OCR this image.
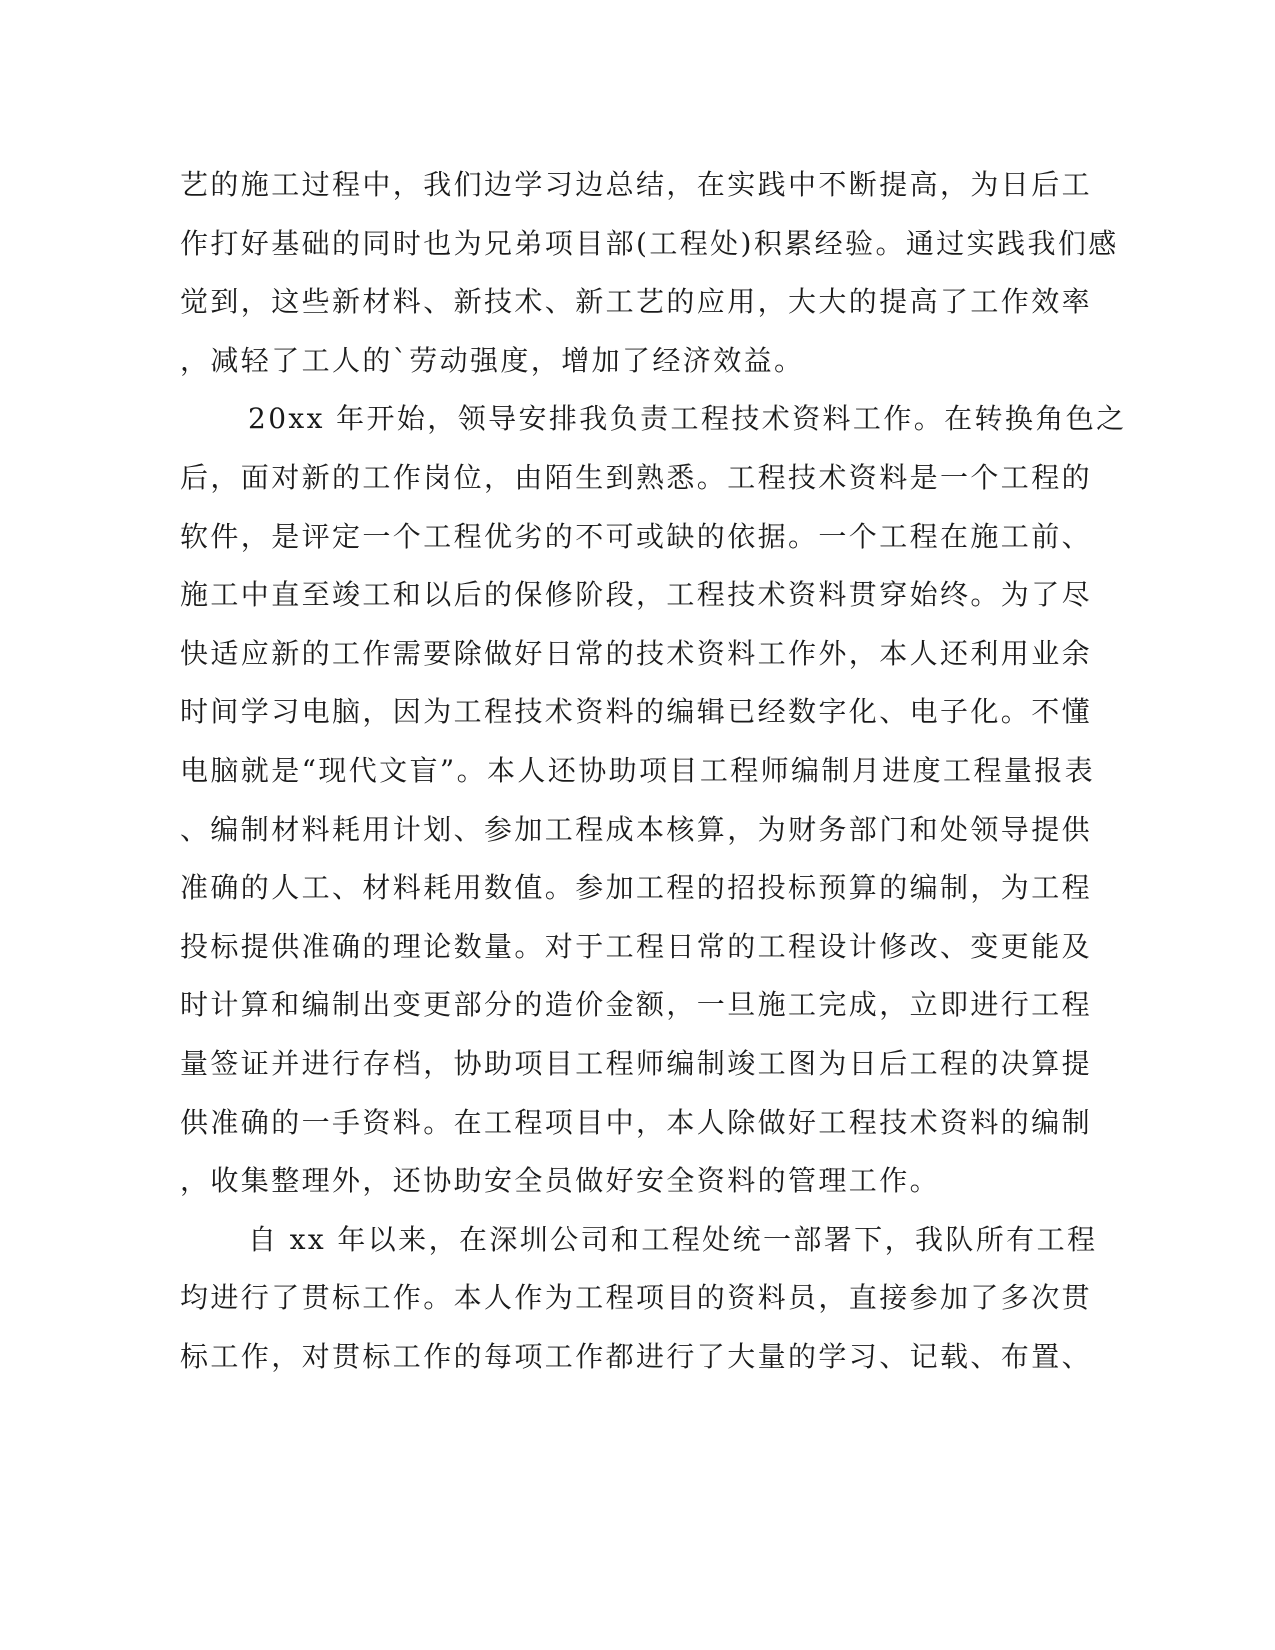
艺的施工过程中，我们边学习边总结，在实践中不断提高，为日后工
作打好基础的同时也为兄弟项目部(工程处)积累经验。通过实践我们感
觉到，这些新材料、新技术、新工艺的应用，大大的提高了工作效率
，减轻了工人的`劳动强度，增加了经济效益。
20xx 年开始，领导安排我负责工程技术资料工作。在转换角色之
后，面对新的工作岗位，由陌生到熟悉。工程技术资料是一个工程的
软件，是评定一个工程优劣的不可或缺的依据。一个工程在施工前、
施工中直至竣工和以后的保修阶段，工程技术资料贯穿始终。为了尽
快适应新的工作需要除做好日常的技术资料工作外，本人还利用业余
时间学习电脑，因为工程技术资料的编辑已经数字化、电子化。不懂
电脑就是“现代文盲”。本人还协助项目工程师编制月进度工程量报表
、编制材料耗用计划、参加工程成本核算，为财务部门和处领导提供
准确的人工、材料耗用数值。参加工程的招投标预算的编制，为工程
投标提供准确的理论数量。对于工程日常的工程设计修改、变更能及
时计算和编制出变更部分的造价金额，一旦施工完成，立即进行工程
量签证并进行存档，协助项目工程师编制竣工图为日后工程的决算提
供准确的一手资料。在工程项目中，本人除做好工程技术资料的编制
，收集整理外，还协助安全员做好安全资料的管理工作。
自 xx 年以来，在深圳公司和工程处统一部署下，我队所有工程
均进行了贯标工作。本人作为工程项目的资料员，直接参加了多次贯
标工作，对贯标工作的每项工作都进行了大量的学习、记载、布置、
